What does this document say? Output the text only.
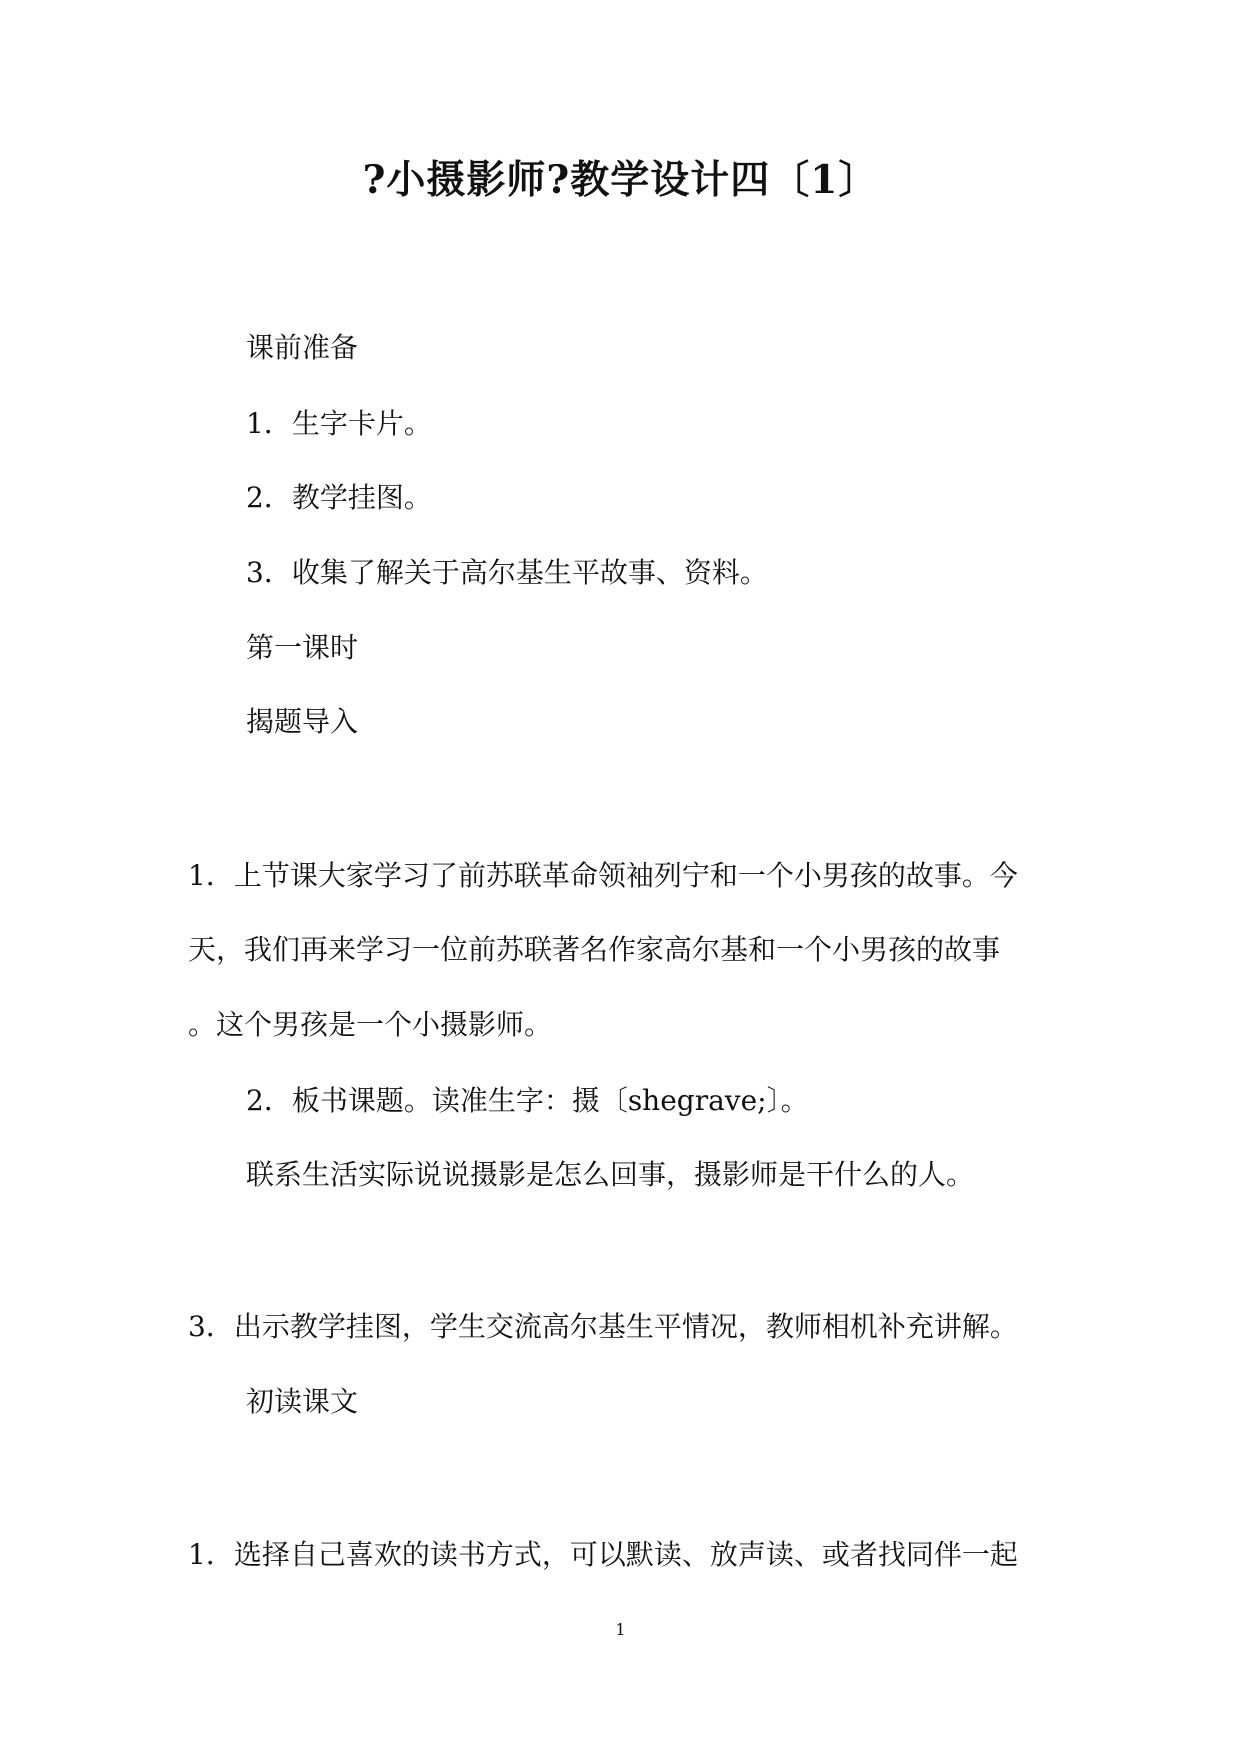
?小摄影师?教学设计四〔1〕
课前准备
1．生字卡片。
2．教学挂图。
3．收集了解关于高尔基生平故事、资料。
第一课时
揭题导入
1．上节课大家学习了前苏联革命领袖列宁和一个小男孩的故事。今
天，我们再来学习一位前苏联著名作家高尔基和一个小男孩的故事
。这个男孩是一个小摄影师。
2．板书课题。读准生字：摄〔shegrave;〕。
联系生活实际说说摄影是怎么回事，摄影师是干什么的人。
3．出示教学挂图，学生交流高尔基生平情况，教师相机补充讲解。
初读课文
1．选择自己喜欢的读书方式，可以默读、放声读、或者找同伴一起
1
